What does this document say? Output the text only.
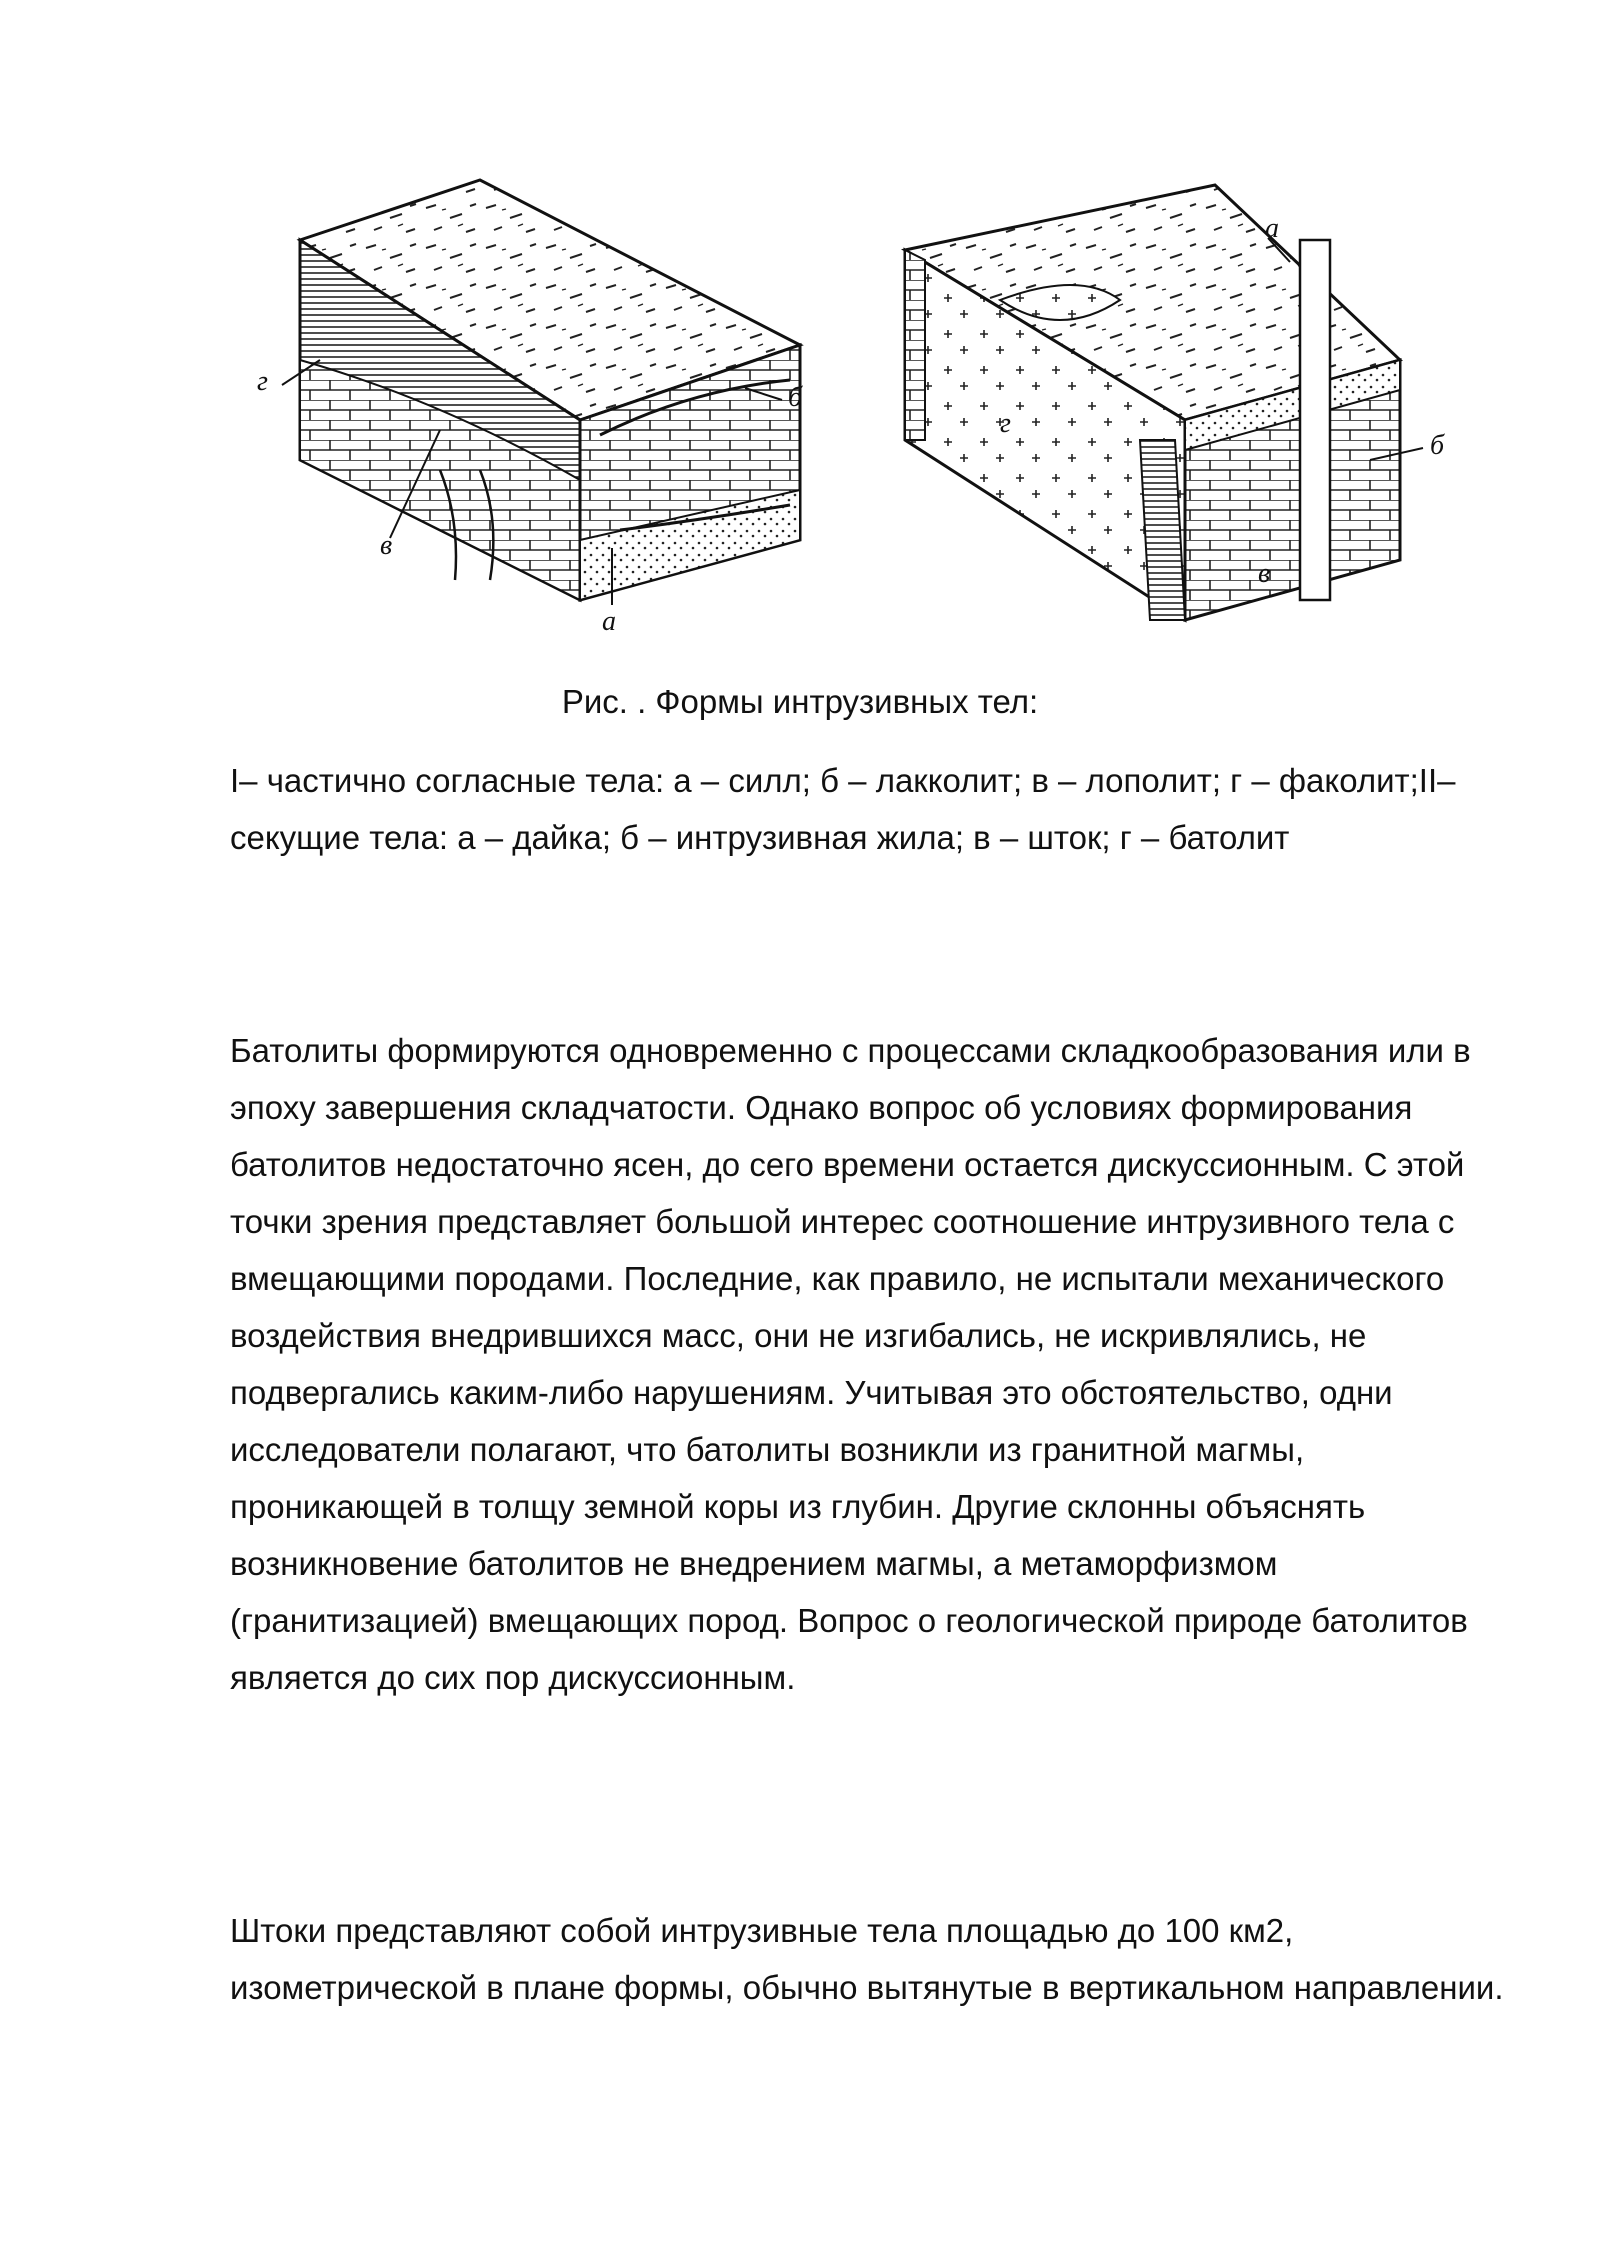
г
б
в
а
а
б
в
г
Рис. . Формы интрузивных тел:

I– частично согласные тела: а – силл; б – лакколит; в – лополит; г – факолит;II– секущие тела: а – дайка; б – интрузивная жила; в – шток; г – батолит

Батолиты формируются одновременно с процессами складкообразования или в эпоху завершения складчатости. Однако вопрос об условиях формирования батолитов недостаточно ясен, до сего времени остается дискуссионным. С этой точки зрения представляет большой интерес соотношение интрузивного тела с вмещающими породами. Последние, как правило, не испытали механического воздействия внедрившихся масс, они не изгибались, не искривлялись, не подвергались каким-либо нарушениям. Учитывая это обстоятельство, одни исследователи полагают, что батолиты возникли из гранитной магмы, проникающей в толщу земной коры из глубин. Другие склонны объяснять возникновение батолитов не внедрением магмы, а метаморфизмом (гранитизацией) вмещающих пород. Вопрос о геологической природе батолитов является до сих пор дискуссионным.

Штоки представляют собой интрузивные тела площадью до 100 км2, изометрической в плане формы, обычно вытянутые в вертикальном направлении.
